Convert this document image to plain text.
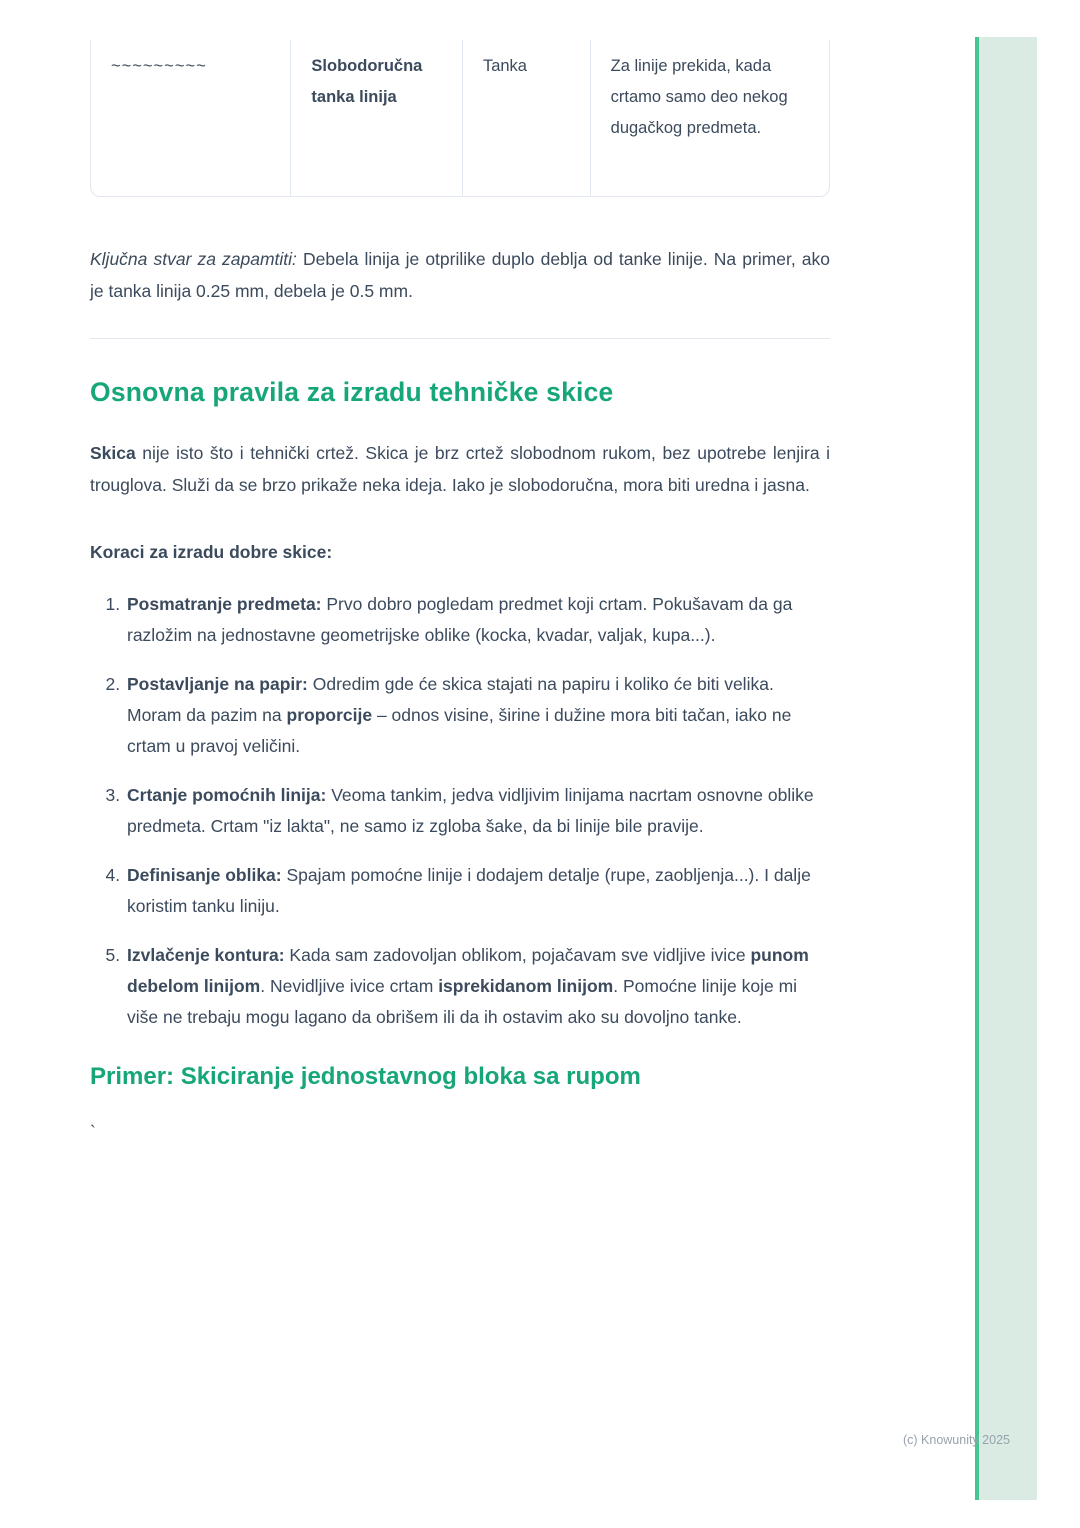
~~~~~~~~~	Slobodoručna tanka linija
Tanka	Za linije prekida, kada crtamo samo deo nekog dugačkog predmeta.

Ključna stvar za zapamtiti: Debela linija je otprilike duplo deblja od tanke linije. Na primer, ako je tanka linija 0.25 mm, debela je 0.5 mm.

Osnovna pravila za izradu tehničke skice

Skica nije isto što i tehnički crtež. Skica je brz crtež slobodnom rukom, bez upotrebe lenjira i trouglova. Služi da se brzo prikaže neka ideja. Iako je slobodoručna, mora biti uredna i jasna.

Koraci za izradu dobre skice:

1. Posmatranje predmeta: Prvo dobro pogledam predmet koji crtam. Pokušavam da ga razložim na jednostavne geometrijske oblike (kocka, kvadar, valjak, kupa...).
2. Postavljanje na papir: Odredim gde će skica stajati na papiru i koliko će biti velika. Moram da pazim na proporcije – odnos visine, širine i dužine mora biti tačan, iako ne crtam u pravoj veličini.
3. Crtanje pomoćnih linija: Veoma tankim, jedva vidljivim linijama nacrtam osnovne oblike predmeta. Crtam "iz lakta", ne samo iz zgloba šake, da bi linije bile pravije.
4. Definisanje oblika: Spajam pomoćne linije i dodajem detalje (rupe, zaobljenja...). I dalje koristim tanku liniju.
5. Izvlačenje kontura: Kada sam zadovoljan oblikom, pojačavam sve vidljive ivice punom debelom linijom. Nevidljive ivice crtam isprekidanom linijom. Pomoćne linije koje mi više ne trebaju mogu lagano da obrišem ili da ih ostavim ako su dovoljno tanke.
Primer: Skiciranje jednostavnog bloka sa rupom

`

(c) Knowunity 2025
